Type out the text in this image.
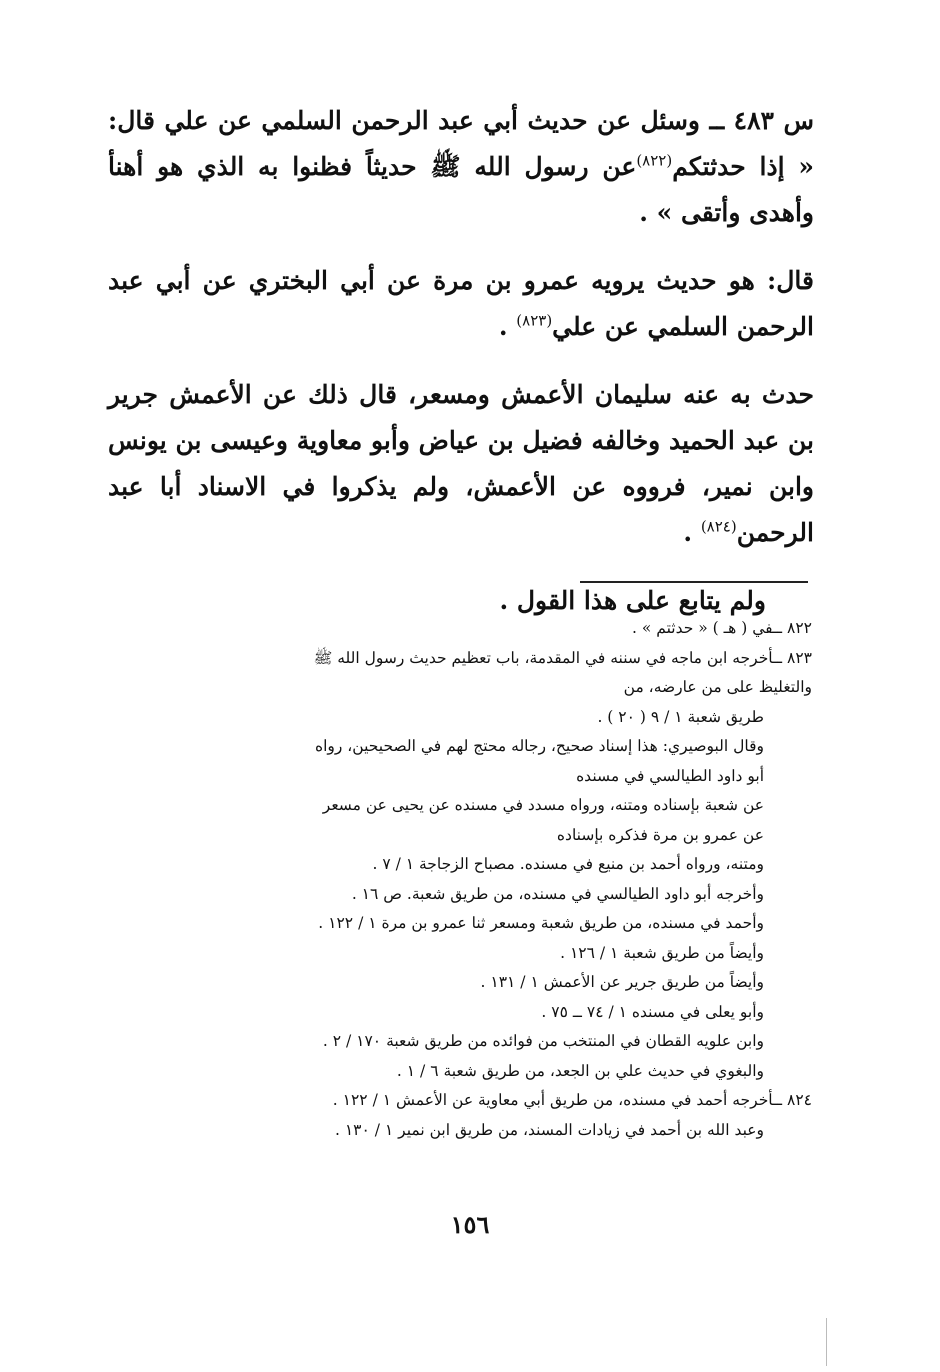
س ٤٨٣ ــ وسئل عن حديث أبي عبد الرحمن السلمي عن علي قال: « إذا حدثتكم$^{(٨٢٢)}$عن رسول الله ﷺ حديثاً فظنوا به الذي هو أهنأ وأهدى وأتقى » .

قال: هو حديث يرويه عمرو بن مرة عن أبي البختري عن أبي عبد الرحمن السلمي عن علي$^{(٨٢٣)}$ .

حدث به عنه سليمان الأعمش ومسعر، قال ذلك عن الأعمش جرير بن عبد الحميد وخالفه فضيل بن عياض وأبو معاوية وعيسى بن يونس وابن نمير، فرووه عن الأعمش، ولم يذكروا في الاسناد أبا عبد الرحمن$^{(٨٢٤)}$ .

ولم يتابع على هذا القول .

٨٢٢ ــفي ( هـ ) « حدثتم » .

٨٢٣ ــأخرجه ابن ماجه في سننه في المقدمة، باب تعظيم حديث رسول الله ﷺ والتغليظ على من عارضه، من

طريق شعبة ١ / ٩ ( ٢٠ ) .

وقال البوصيري: هذا إسناد صحيح، رجاله محتج لهم في الصحيحين، رواه أبو داود الطيالسي في مسنده

عن شعبة بإسناده ومتنه، ورواه مسدد في مسنده عن يحيى عن مسعر عن عمرو بن مرة فذكره بإسناده

ومتنه، ورواه أحمد بن منيع في مسنده. مصباح الزجاجة ١ / ٧ .

وأخرجه أبو داود الطيالسي في مسنده، من طريق شعبة. ص ١٦ .

وأحمد في مسنده، من طريق شعبة ومسعر ثنا عمرو بن مرة ١ / ١٢٢ .

وأيضاً من طريق شعبة ١ / ١٢٦ .

وأيضاً من طريق جرير عن الأعمش ١ / ١٣١ .

وأبو يعلى في مسنده ١ / ٧٤ ــ ٧٥ .

وابن علويه القطان في المنتخب من فوائده من طريق شعبة ١٧٠ / ٢ .

والبغوي في حديث علي بن الجعد، من طريق شعبة ٦ / ١ .

٨٢٤ ــأخرجه أحمد في مسنده، من طريق أبي معاوية عن الأعمش ١ / ١٢٢ .

وعبد الله بن أحمد في زيادات المسند، من طريق ابن نمير ١ / ١٣٠ .

١٥٦
